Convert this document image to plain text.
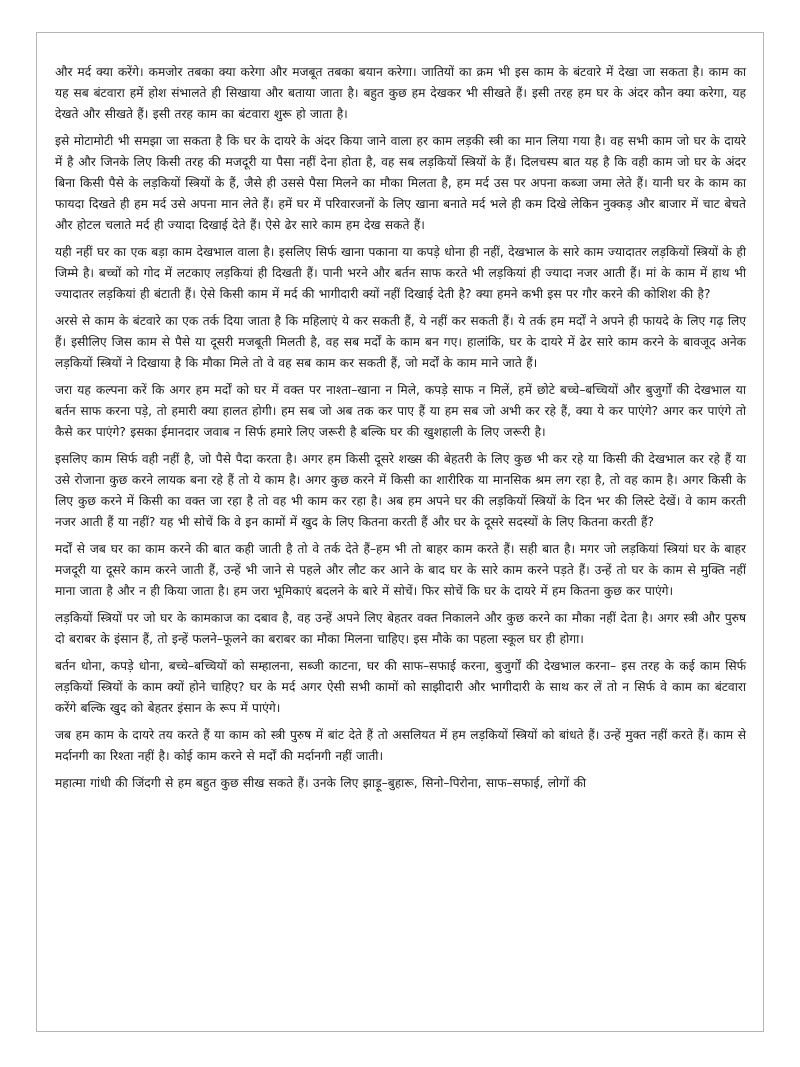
और मर्द क्या करेंगे। कमजोर तबका क्या करेगा और मजबूत तबका बयान करेगा। जातियों का क्रम भी इस काम के बंटवारे में देखा जा सकता है। काम का यह सब बंटवारा हमें होश संभालते ही सिखाया और बताया जाता है। बहुत कुछ हम देखकर भी सीखते हैं। इसी तरह हम घर के अंदर कौन क्या करेगा, यह देखते और सीखते हैं। इसी तरह काम का बंटवारा शुरू हो जाता है।

इसे मोटामोटी भी समझा जा सकता है कि घर के दायरे के अंदर किया जाने वाला हर काम लड़की स्त्री का मान लिया गया है। वह सभी काम जो घर के दायरे में है और जिनके लिए किसी तरह की मजदूरी या पैसा नहीं देना होता है, वह सब लड़कियों स्त्रियों के हैं। दिलचस्प बात यह है कि वही काम जो घर के अंदर बिना किसी पैसे के लड़कियों स्त्रियों के हैं, जैसे ही उससे पैसा मिलने का मौका मिलता है, हम मर्द उस पर अपना कब्जा जमा लेते हैं। यानी घर के काम का फायदा दिखते ही हम मर्द उसे अपना मान लेते हैं। हमें घर में परिवारजनों के लिए खाना बनाते मर्द भले ही कम दिखे लेकिन नुक्कड़ और बाजार में चाट बेचते और होटल चलाते मर्द ही ज्यादा दिखाई देते हैं। ऐसे ढेर सारे काम हम देख सकते हैं।

यही नहीं घर का एक बड़ा काम देखभाल वाला है। इसलिए सिर्फ खाना पकाना या कपड़े धोना ही नहीं, देखभाल के सारे काम ज्यादातर लड़कियों स्त्रियों के ही जिम्मे है। बच्चों को गोद में लटकाए लड़कियां ही दिखती हैं। पानी भरने और बर्तन साफ करते भी लड़कियां ही ज्यादा नजर आती हैं। मां के काम में हाथ भी ज्यादातर लड़कियां ही बंटाती हैं। ऐसे किसी काम में मर्द की भागीदारी क्यों नहीं दिखाई देती है? क्या हमने कभी इस पर गौर करने की कोशिश की है?

अरसे से काम के बंटवारे का एक तर्क दिया जाता है कि महिलाएं ये कर सकती हैं, ये नहीं कर सकती हैं। ये तर्क हम मर्दों ने अपने ही फायदे के लिए गढ़ लिए हैं। इसीलिए जिस काम से पैसे या दूसरी मजबूती मिलती है, वह सब मर्दों के काम बन गए। हालांकि, घर के दायरे में ढेर सारे काम करने के बावजूद अनेक लड़कियों स्त्रियों ने दिखाया है कि मौका मिले तो वे वह सब काम कर सकती हैं, जो मर्दों के काम माने जाते हैं।

जरा यह कल्पना करें कि अगर हम मर्दों को घर में वक्त पर नाश्ता–खाना न मिले, कपड़े साफ न मिलें, हमें छोटे बच्चे–बच्चियों और बुजुर्गों की देखभाल या बर्तन साफ करना पड़े, तो हमारी क्या हालत होगी। हम सब जो अब तक कर पाए हैं या हम सब जो अभी कर रहे हैं, क्या ये कर पाएंगे? अगर कर पाएंगे तो कैसे कर पाएंगे? इसका ईमानदार जवाब न सिर्फ हमारे लिए जरूरी है बल्कि घर की खुशहाली के लिए जरूरी है।

इसलिए काम सिर्फ वही नहीं है, जो पैसे पैदा करता है। अगर हम किसी दूसरे शख्स की बेहतरी के लिए कुछ भी कर रहे या किसी की देखभाल कर रहे हैं या उसे रोजाना कुछ करने लायक बना रहे हैं तो ये काम है। अगर कुछ करने में किसी का शारीरिक या मानसिक श्रम लग रहा है, तो वह काम है। अगर किसी के लिए कुछ करने में किसी का वक्त जा रहा है तो वह भी काम कर रहा है। अब हम अपने घर की लड़कियों स्त्रियों के दिन भर की लिस्टे देखें। वे काम करती नजर आती हैं या नहीं? यह भी सोचें कि वे इन कामों में खुद के लिए कितना करती हैं और घर के दूसरे सदस्यों के लिए कितना करती हैं?

मर्दों से जब घर का काम करने की बात कही जाती है तो वे तर्क देते हैं–हम भी तो बाहर काम करते हैं। सही बात है। मगर जो लड़कियां स्त्रियां घर के बाहर मजदूरी या दूसरे काम करने जाती हैं, उन्हें भी जाने से पहले और लौट कर आने के बाद घर के सारे काम करने पड़ते हैं। उन्हें तो घर के काम से मुक्ति नहीं माना जाता है और न ही किया जाता है। हम जरा भूमिकाएं बदलने के बारे में सोचें। फिर सोचें कि घर के दायरे में हम कितना कुछ कर पाएंगे।

लड़कियों स्त्रियों पर जो घर के कामकाज का दबाव है, वह उन्हें अपने लिए बेहतर वक्त निकालने और कुछ करने का मौका नहीं देता है। अगर स्त्री और पुरुष दो बराबर के इंसान हैं, तो इन्हें फलने–फूलने का बराबर का मौका मिलना चाहिए। इस मौके का पहला स्कूल घर ही होगा।

बर्तन धोना, कपड़े धोना, बच्चे–बच्चियों को सम्हालना, सब्जी काटना, घर की साफ–सफाई करना, बुजुर्गों की देखभाल करना– इस तरह के कई काम सिर्फ लड़कियों स्त्रियों के काम क्यों होने चाहिए? घर के मर्द अगर ऐसी सभी कामों को साझीदारी और भागीदारी के साथ कर लें तो न सिर्फ वे काम का बंटवारा करेंगे बल्कि खुद को बेहतर इंसान के रूप में पाएंगे।

जब हम काम के दायरे तय करते हैं या काम को स्त्री पुरुष में बांट देते हैं तो असलियत में हम लड़कियों स्त्रियों को बांधते हैं। उन्हें मुक्त नहीं करते हैं। काम से मर्दानगी का रिश्ता नहीं है। कोई काम करने से मर्दों की मर्दानगी नहीं जाती।

महात्मा गांधी की जिंदगी से हम बहुत कुछ सीख सकते हैं। उनके लिए झाड़ू–बुहारू, सिनो–पिरोना, साफ–सफाई, लोगों की
